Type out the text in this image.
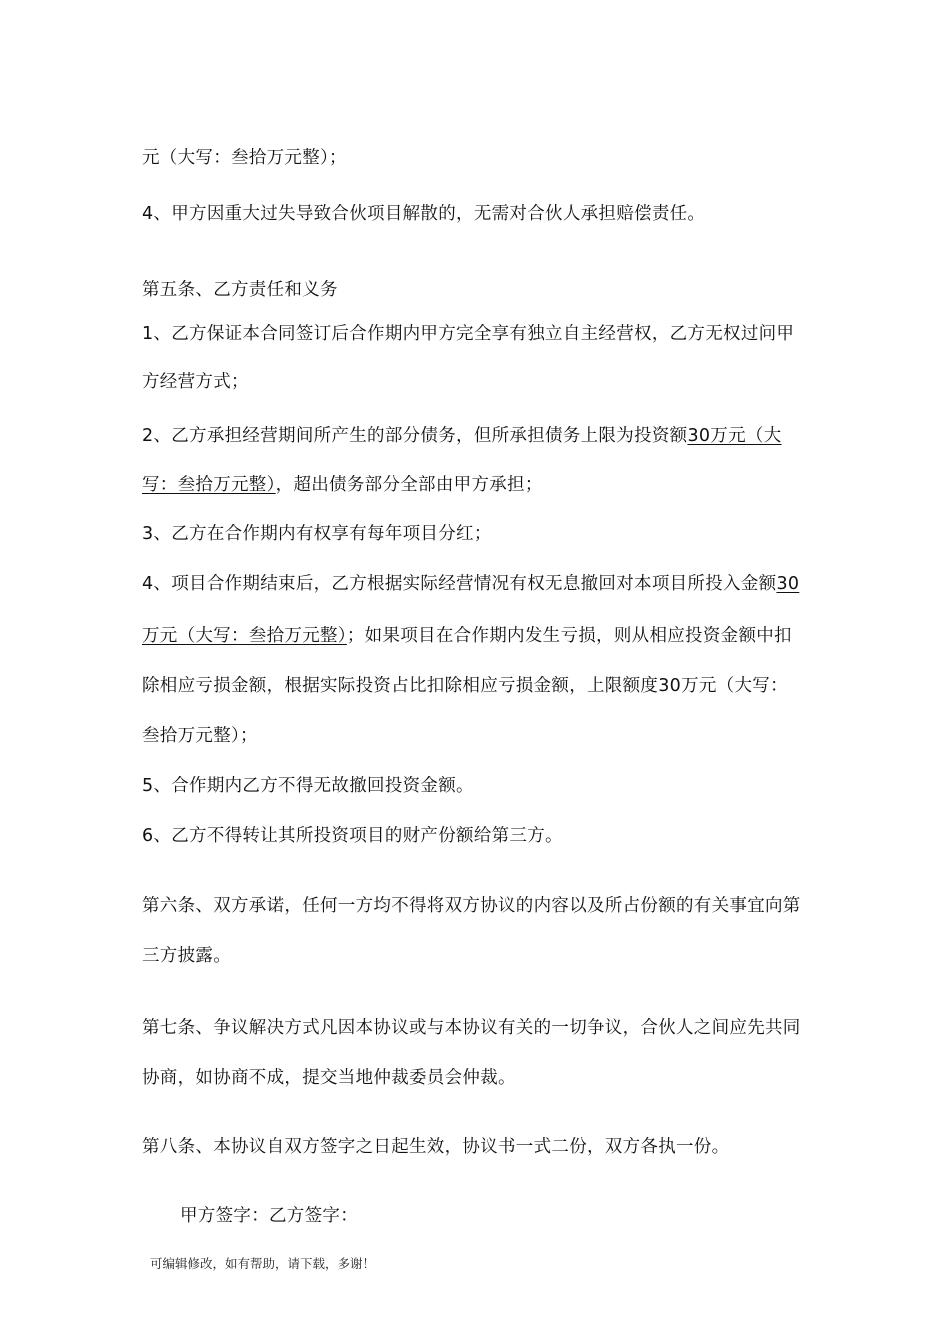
元（大写：叁拾万元整）；
4、甲方因重大过失导致合伙项目解散的，无需对合伙人承担赔偿责任。
第五条、乙方责任和义务
1、乙方保证本合同签订后合作期内甲方完全享有独立自主经营权，乙方无权过问甲
方经营方式；
2、乙方承担经营期间所产生的部分债务，但所承担债务上限为投资额30万元（大
写：叁拾万元整），超出债务部分全部由甲方承担；
3、乙方在合作期内有权享有每年项目分红；
4、项目合作期结束后，乙方根据实际经营情况有权无息撤回对本项目所投入金额30
万元（大写：叁拾万元整）；如果项目在合作期内发生亏损，则从相应投资金额中扣
除相应亏损金额，根据实际投资占比扣除相应亏损金额，上限额度30万元（大写：
叁拾万元整）；
5、合作期内乙方不得无故撤回投资金额。
6、乙方不得转让其所投资项目的财产份额给第三方。
第六条、双方承诺，任何一方均不得将双方协议的内容以及所占份额的有关事宜向第
三方披露。
第七条、争议解决方式凡因本协议或与本协议有关的一切争议，合伙人之间应先共同
协商，如协商不成，提交当地仲裁委员会仲裁。
第八条、本协议自双方签字之日起生效，协议书一式二份，双方各执一份。
甲方签字：乙方签字：
可编辑修改，如有帮助，请下载，多谢！
